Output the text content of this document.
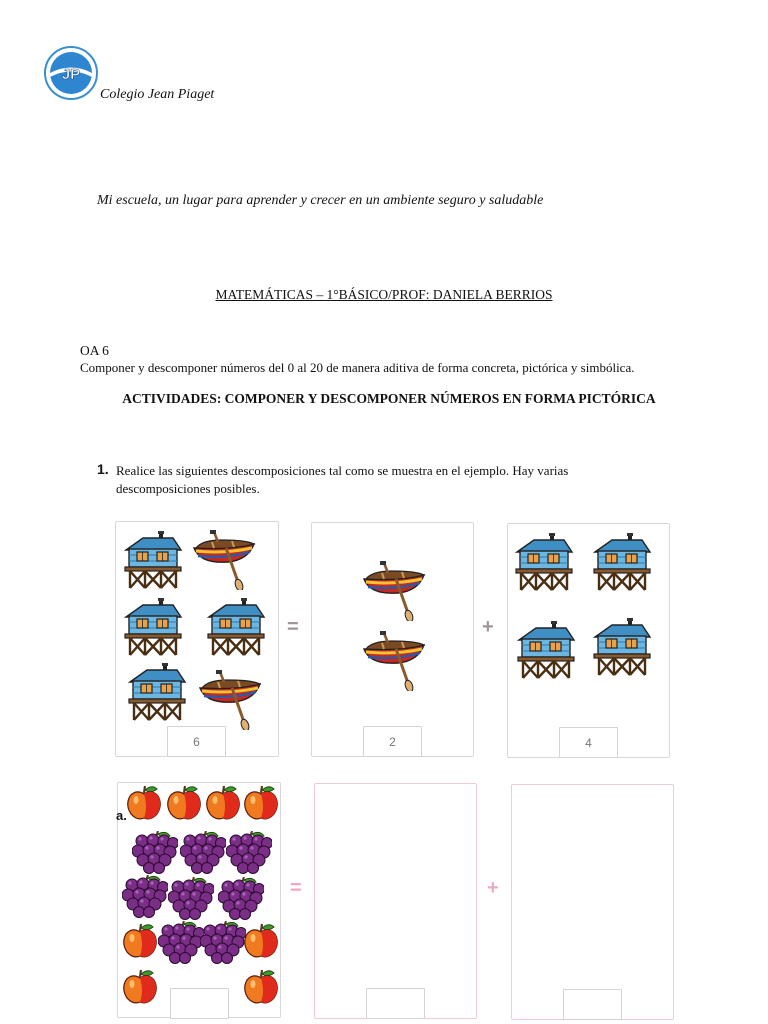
JP
Colegio Jean Piaget
Mi escuela, un lugar para aprender y crecer en un ambiente seguro y saludable
MATEMÁTICAS – 1°BÁSICO/PROF: DANIELA BERRIOS
OA 6
Componer y descomponer números del 0 al 20 de manera aditiva de forma concreta, pictórica y simbólica.
ACTIVIDADES: COMPONER Y DESCOMPONER NÚMEROS EN FORMA PICTÓRICA
1. Realice las siguientes descomposiciones tal como se muestra en el ejemplo. Hay varias descomposiciones posibles.
6
=
2
+
4
a.
=	+
